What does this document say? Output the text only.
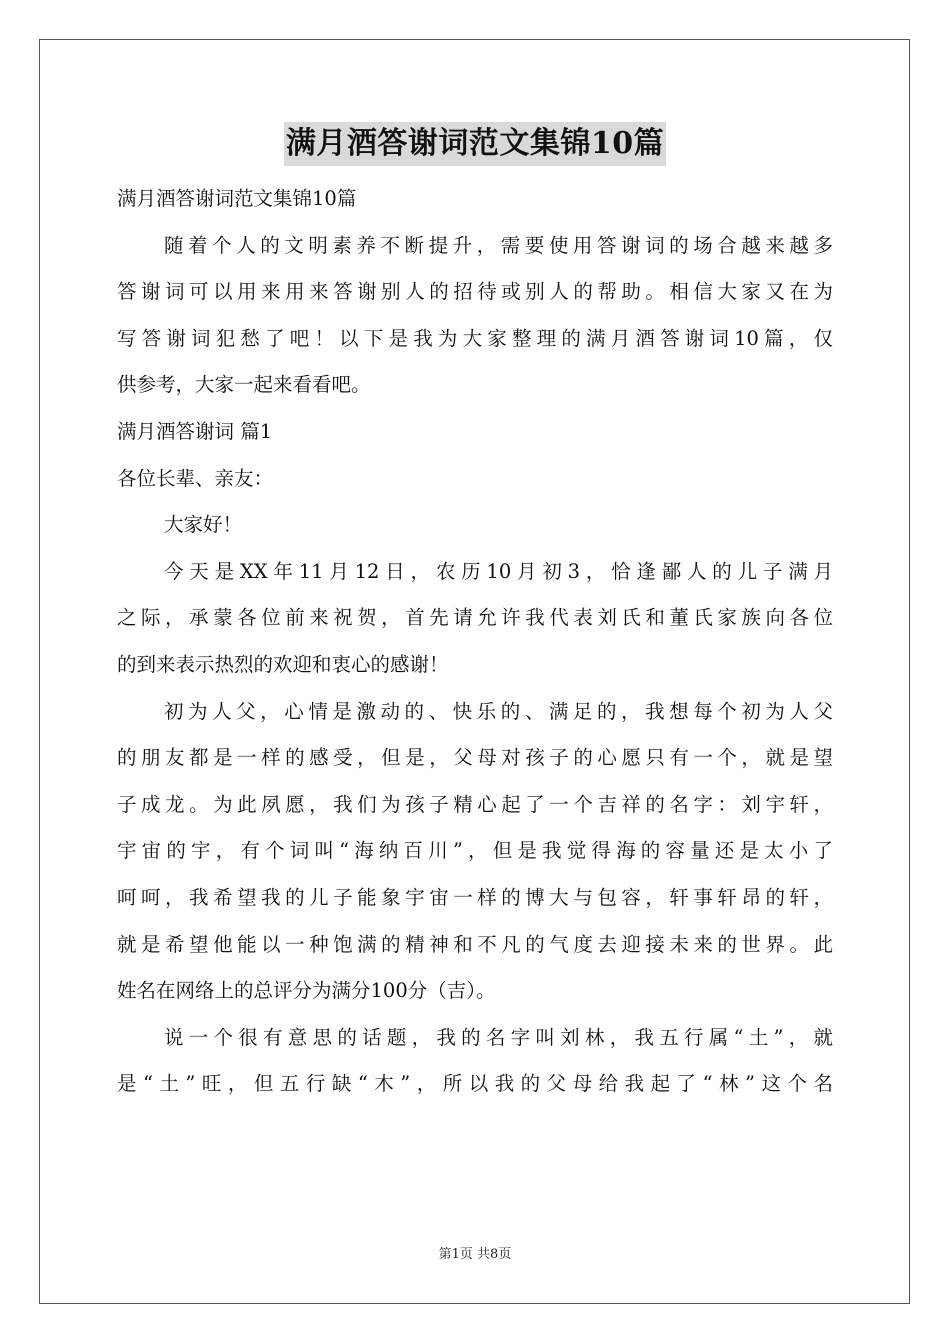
满月酒答谢词范文集锦10篇
满月酒答谢词范文集锦10篇
随着个人的文明素养不断提升，需要使用答谢词的场合越来越多
答谢词可以用来用来答谢别人的招待或别人的帮助。相信大家又在为
写答谢词犯愁了吧！以下是我为大家整理的满月酒答谢词10篇，仅
供参考，大家一起来看看吧。
满月酒答谢词 篇1
各位长辈、亲友：
大家好！
今天是XX年11月12日，农历10月初3，恰逢鄙人的儿子满月
之际，承蒙各位前来祝贺，首先请允许我代表刘氏和董氏家族向各位
的到来表示热烈的欢迎和衷心的感谢！
初为人父，心情是激动的、快乐的、满足的，我想每个初为人父
的朋友都是一样的感受，但是，父母对孩子的心愿只有一个，就是望
子成龙。为此夙愿，我们为孩子精心起了一个吉祥的名字：刘宇轩，
宇宙的宇，有个词叫“海纳百川”，但是我觉得海的容量还是太小了
呵呵，我希望我的儿子能象宇宙一样的博大与包容，轩事轩昂的轩，
就是希望他能以一种饱满的精神和不凡的气度去迎接未来的世界。此
姓名在网络上的总评分为满分100分（吉）。
说一个很有意思的话题，我的名字叫刘林，我五行属“土”，就
是“土”旺，但五行缺“木”，所以我的父母给我起了“林”这个名
第1页 共8页
